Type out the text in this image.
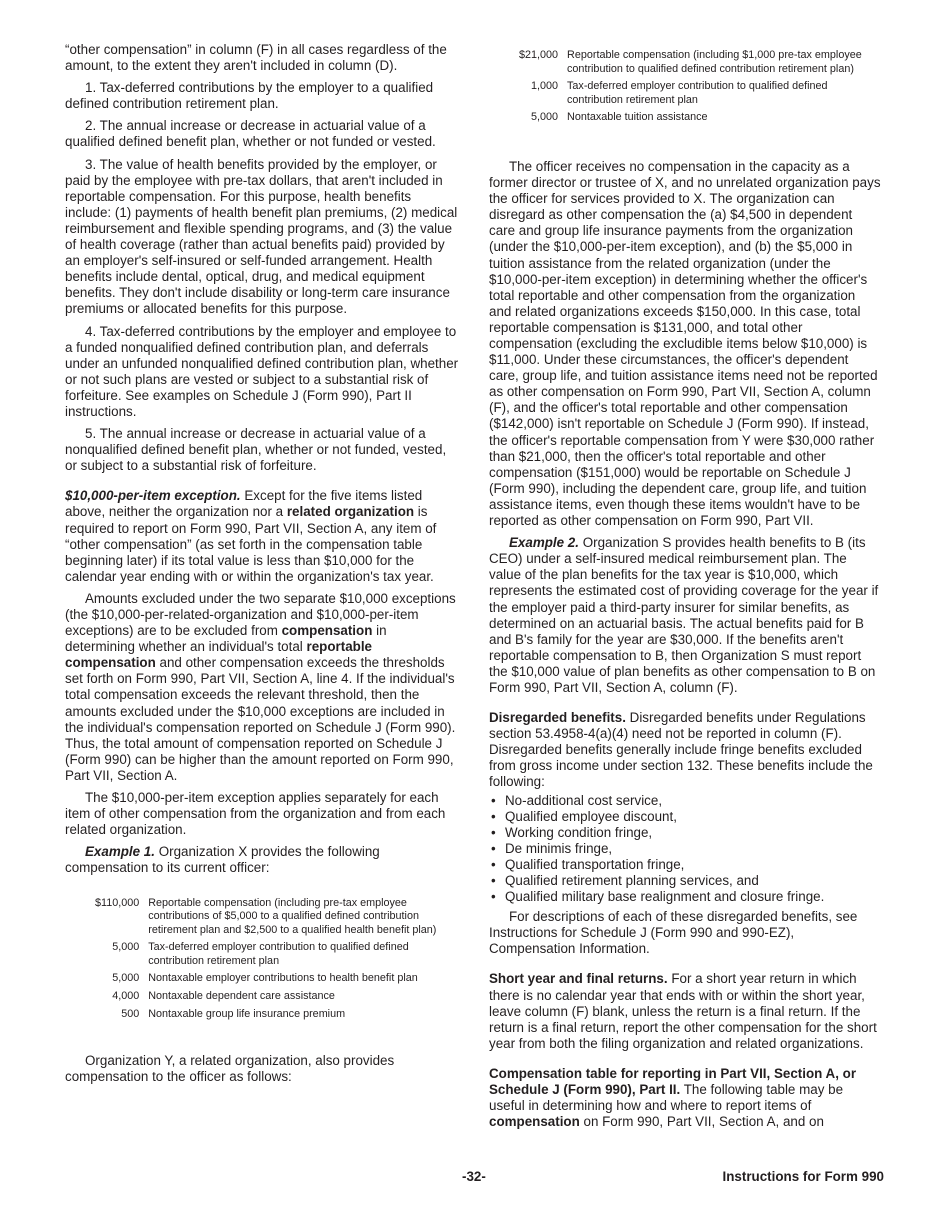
“other compensation” in column (F) in all cases regardless of the amount, to the extent they aren't included in column (D).

1. Tax-deferred contributions by the employer to a qualified defined contribution retirement plan.

2. The annual increase or decrease in actuarial value of a qualified defined benefit plan, whether or not funded or vested.

3. The value of health benefits provided by the employer, or paid by the employee with pre-tax dollars, that aren't included in reportable compensation. For this purpose, health benefits include: (1) payments of health benefit plan premiums, (2) medical reimbursement and flexible spending programs, and (3) the value of health coverage (rather than actual benefits paid) provided by an employer's self-insured or self-funded arrangement. Health benefits include dental, optical, drug, and medical equipment benefits. They don't include disability or long-term care insurance premiums or allocated benefits for this purpose.

4. Tax-deferred contributions by the employer and employee to a funded nonqualified defined contribution plan, and deferrals under an unfunded nonqualified defined contribution plan, whether or not such plans are vested or subject to a substantial risk of forfeiture. See examples on Schedule J (Form 990), Part II instructions.

5. The annual increase or decrease in actuarial value of a nonqualified defined benefit plan, whether or not funded, vested, or subject to a substantial risk of forfeiture.

$10,000-per-item exception. Except for the five items listed above, neither the organization nor a related organization is required to report on Form 990, Part VII, Section A, any item of “other compensation” (as set forth in the compensation table beginning later) if its total value is less than $10,000 for the calendar year ending with or within the organization's tax year.

Amounts excluded under the two separate $10,000 exceptions (the $10,000-per-related-organization and $10,000-per-item exceptions) are to be excluded from compensation in determining whether an individual's total reportable compensation and other compensation exceeds the thresholds set forth on Form 990, Part VII, Section A, line 4. If the individual's total compensation exceeds the relevant threshold, then the amounts excluded under the $10,000 exceptions are included in the individual's compensation reported on Schedule J (Form 990). Thus, the total amount of compensation reported on Schedule J (Form 990) can be higher than the amount reported on Form 990, Part VII, Section A.

The $10,000-per-item exception applies separately for each item of other compensation from the organization and from each related organization.

Example 1. Organization X provides the following compensation to its current officer:

$110,000	Reportable compensation (including pre-tax employee contributions of $5,000 to a qualified defined contribution retirement plan and $2,500 to a qualified health benefit plan)
5,000	Tax-deferred employer contribution to qualified defined contribution retirement plan
5,000	Nontaxable employer contributions to health benefit plan
4,000	Nontaxable dependent care assistance
500	Nontaxable group life insurance premium

Organization Y, a related organization, also provides compensation to the officer as follows:

$21,000	Reportable compensation (including $1,000 pre-tax employee contribution to qualified defined contribution retirement plan)
1,000	Tax-deferred employer contribution to qualified defined contribution retirement plan
5,000	Nontaxable tuition assistance

The officer receives no compensation in the capacity as a former director or trustee of X, and no unrelated organization pays the officer for services provided to X. The organization can disregard as other compensation the (a) $4,500 in dependent care and group life insurance payments from the organization (under the $10,000-per-item exception), and (b) the $5,000 in tuition assistance from the related organization (under the $10,000-per-item exception) in determining whether the officer's total reportable and other compensation from the organization and related organizations exceeds $150,000. In this case, total reportable compensation is $131,000, and total other compensation (excluding the excludible items below $10,000) is $11,000. Under these circumstances, the officer's dependent care, group life, and tuition assistance items need not be reported as other compensation on Form 990, Part VII, Section A, column (F), and the officer's total reportable and other compensation ($142,000) isn't reportable on Schedule J (Form 990). If instead, the officer's reportable compensation from Y were $30,000 rather than $21,000, then the officer's total reportable and other compensation ($151,000) would be reportable on Schedule J (Form 990), including the dependent care, group life, and tuition assistance items, even though these items wouldn't have to be reported as other compensation on Form 990, Part VII.

Example 2. Organization S provides health benefits to B (its CEO) under a self-insured medical reimbursement plan. The value of the plan benefits for the tax year is $10,000, which represents the estimated cost of providing coverage for the year if the employer paid a third-party insurer for similar benefits, as determined on an actuarial basis. The actual benefits paid for B and B's family for the year are $30,000. If the benefits aren't reportable compensation to B, then Organization S must report the $10,000 value of plan benefits as other compensation to B on Form 990, Part VII, Section A, column (F).

Disregarded benefits. Disregarded benefits under Regulations section 53.4958-4(a)(4) need not be reported in column (F). Disregarded benefits generally include fringe benefits excluded from gross income under section 132. These benefits include the following:

• No-additional cost service,
• Qualified employee discount,
• Working condition fringe,
• De minimis fringe,
• Qualified transportation fringe,
• Qualified retirement planning services, and
• Qualified military base realignment and closure fringe.

For descriptions of each of these disregarded benefits, see Instructions for Schedule J (Form 990 and 990-EZ), Compensation Information.

Short year and final returns. For a short year return in which there is no calendar year that ends with or within the short year, leave column (F) blank, unless the return is a final return. If the return is a final return, report the other compensation for the short year from both the filing organization and related organizations.

Compensation table for reporting in Part VII, Section A, or Schedule J (Form 990), Part II. The following table may be useful in determining how and where to report items of compensation on Form 990, Part VII, Section A, and on

-32-	Instructions for Form 990
